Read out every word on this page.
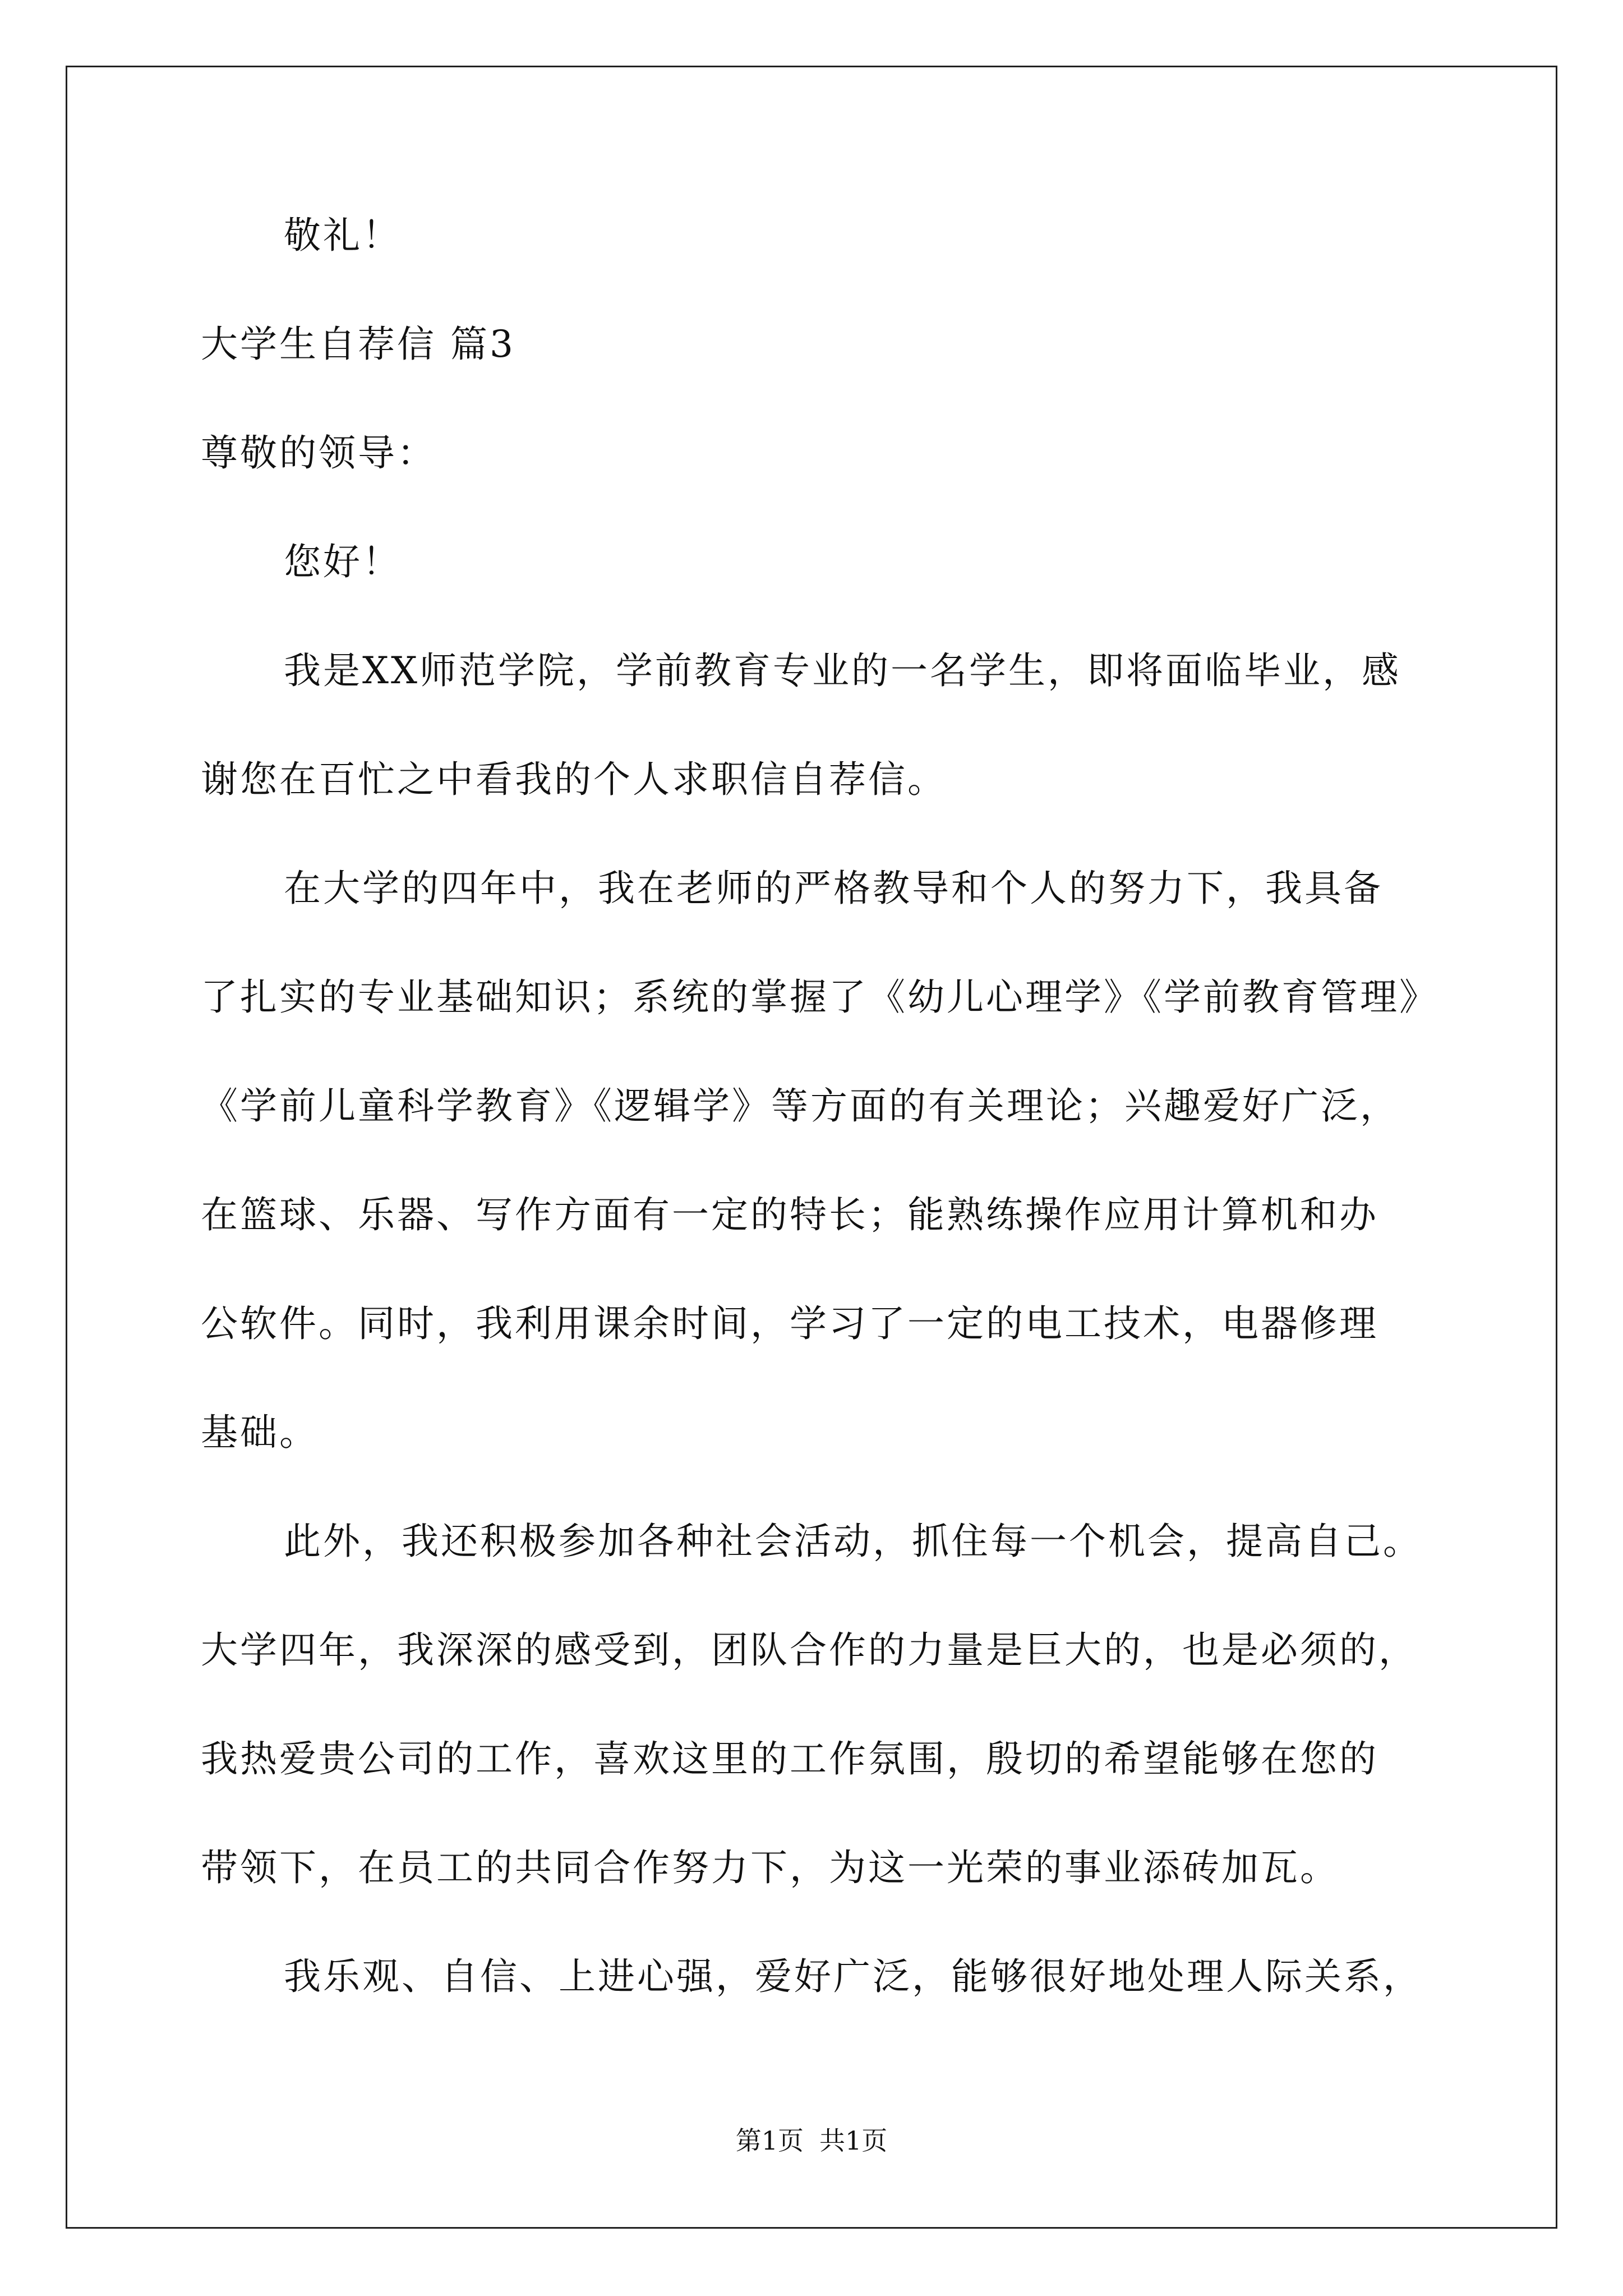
敬礼！
大学生自荐信 篇3
尊敬的领导：
您好！
我是XX师范学院，学前教育专业的一名学生，即将面临毕业，感
谢您在百忙之中看我的个人求职信自荐信。
在大学的四年中，我在老师的严格教导和个人的努力下，我具备
了扎实的专业基础知识；系统的掌握了《幼儿心理学》《学前教育管理》
《学前儿童科学教育》《逻辑学》等方面的有关理论；兴趣爱好广泛，
在篮球、乐器、写作方面有一定的特长；能熟练操作应用计算机和办
公软件。同时，我利用课余时间，学习了一定的电工技术，电器修理
基础。
此外，我还积极参加各种社会活动，抓住每一个机会，提高自己。
大学四年，我深深的感受到，团队合作的力量是巨大的，也是必须的，
我热爱贵公司的工作，喜欢这里的工作氛围，殷切的希望能够在您的
带领下，在员工的共同合作努力下，为这一光荣的事业添砖加瓦。
我乐观、自信、上进心强，爱好广泛，能够很好地处理人际关系，
第1页 共1页
